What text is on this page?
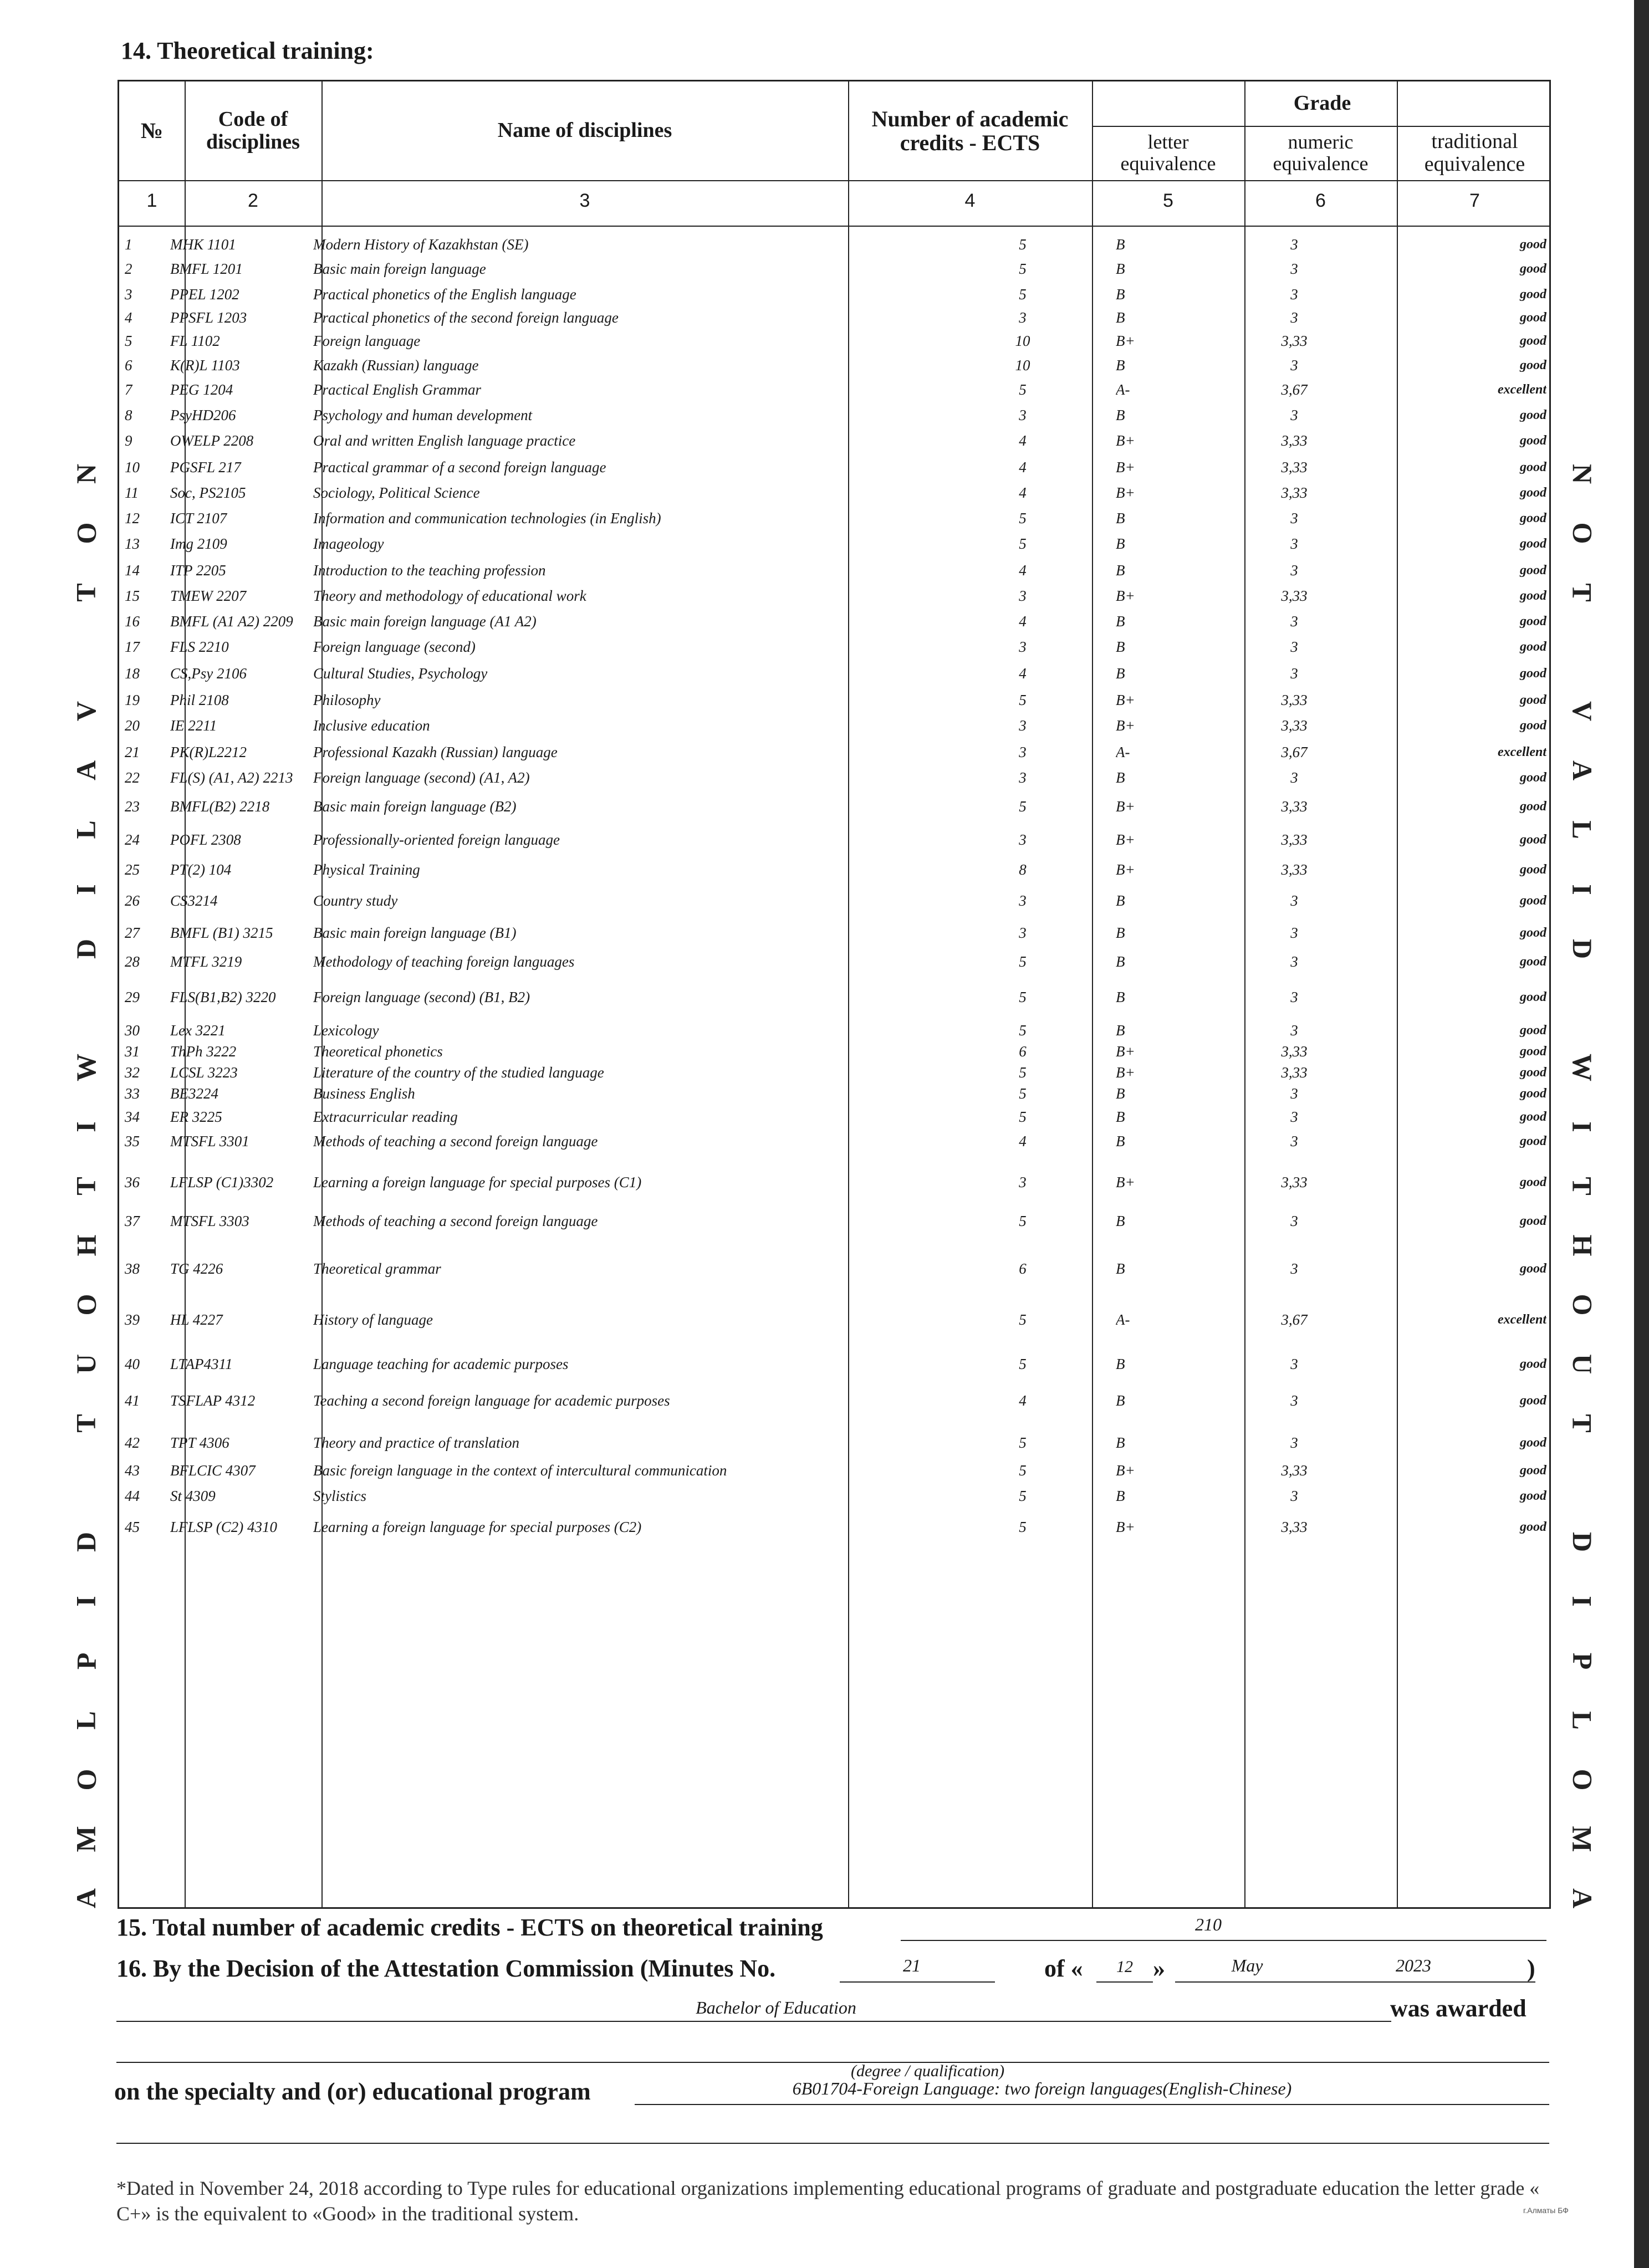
N
O
T

V
A
L
I
D

W
I
T
H
O
U
T

D
I
P
L
O
M
A
N
O
T

V
A
L
I
D

W
I
T
H
O
U
T

D
I
P
L
O
M
A
14. Theoretical training:
№	Code of disciplines	Name of disciplines	Number of academic credits - ECTS
Grade
letter equivalence
numeric equivalence
traditional equivalence
1	2	3	4	5	6	7
1	MHK 1101	Modern History of Kazakhstan (SE)	5	B	3	good
2	BMFL 1201	Basic main foreign language	5	B	3	good
3	PPEL 1202	Practical phonetics of the English language	5	B	3	good
4	PPSFL 1203	Practical phonetics of the second foreign language	3	B	3	good
5	FL 1102	Foreign language	10	B+	3,33	good
6	K(R)L 1103	Kazakh (Russian) language	10	B	3	good
7	PEG 1204	Practical English Grammar	5	A-	3,67	excellent
8	PsyHD206	Psychology and human development	3	B	3	good
9	OWELP 2208	Oral and written English language practice	4	B+	3,33	good
10	PGSFL 217	Practical grammar of a second foreign language	4	B+	3,33	good
11	Soc, PS2105	Sociology, Political Science	4	B+	3,33	good
12	ICT 2107	Information and communication technologies (in English)	5	B	3	good
13	Img 2109	Imageology	5	B	3	good
14	ITP 2205	Introduction to the teaching profession	4	B	3	good
15	TMEW 2207	Theory and methodology of educational work	3	B+	3,33	good
16	BMFL (A1 A2) 2209	Basic main foreign language (A1 A2)	4	B	3	good
17	FLS 2210	Foreign language (second)	3	B	3	good
18	CS,Psy 2106	Cultural Studies, Psychology	4	B	3	good
19	Phil 2108	Philosophy	5	B+	3,33	good
20	IE 2211	Inclusive education	3	B+	3,33	good
21	PK(R)L2212	Professional Kazakh (Russian) language	3	A-	3,67	excellent
22	FL(S) (A1, A2) 2213	Foreign language (second) (A1, A2)	3	B	3	good
23	BMFL(B2) 2218	Basic main foreign language (B2)	5	B+	3,33	good
24	POFL 2308	Professionally-oriented foreign language	3	B+	3,33	good
25	PT(2) 104	Physical Training	8	B+	3,33	good
26	CS3214	Country study	3	B	3	good
27	BMFL (B1) 3215	Basic main foreign language (B1)	3	B	3	good
28	MTFL 3219	Methodology of teaching foreign languages	5	B	3	good
29	FLS(B1,B2) 3220	Foreign language (second) (B1, B2)	5	B	3	good
30	Lex 3221	Lexicology	5	B	3	good
31	ThPh 3222	Theoretical phonetics	6	B+	3,33	good
32	LCSL 3223	Literature of the country of the studied language	5	B+	3,33	good
33	BE3224	Business English	5	B	3	good
34	ER 3225	Extracurricular reading	5	B	3	good
35	MTSFL 3301	Methods of teaching a second foreign language	4	B	3	good
36	LFLSP (C1)3302	Learning a foreign language for special purposes (C1)	3	B+	3,33	good
37	MTSFL 3303	Methods of teaching a second foreign language	5	B	3	good
38	TG 4226	Theoretical grammar	6	B	3	good
39	HL 4227	History of language	5	A-	3,67	excellent
40	LTAP4311	Language teaching for academic purposes	5	B	3	good
41	TSFLAP 4312	Teaching a second foreign language for academic purposes	4	B	3	good
42	TPT 4306	Theory and practice of translation	5	B	3	good
43	BFLCIC 4307	Basic foreign language in the context of intercultural communication	5	B+	3,33	good
44	St 4309	Stylistics	5	B	3	good
45	LFLSP (C2) 4310	Learning a foreign language for special purposes (C2)	5	B+	3,33	good
15. Total number of academic credits - ECTS on theoretical training	210
16. By the Decision of the Attestation Commission (Minutes No.	21	of «	12 »	May	2023	)
Bachelor of Education	was awarded
(degree / qualification)
on the specialty and (or) educational program	6B01704-Foreign Language: two foreign languages(English-Chinese)
*Dated in November 24, 2018 according to Type rules for educational organizations implementing educational programs of graduate and postgraduate education the letter grade « C+» is the equivalent to «Good» in the traditional system.	г.Алматы БФ
